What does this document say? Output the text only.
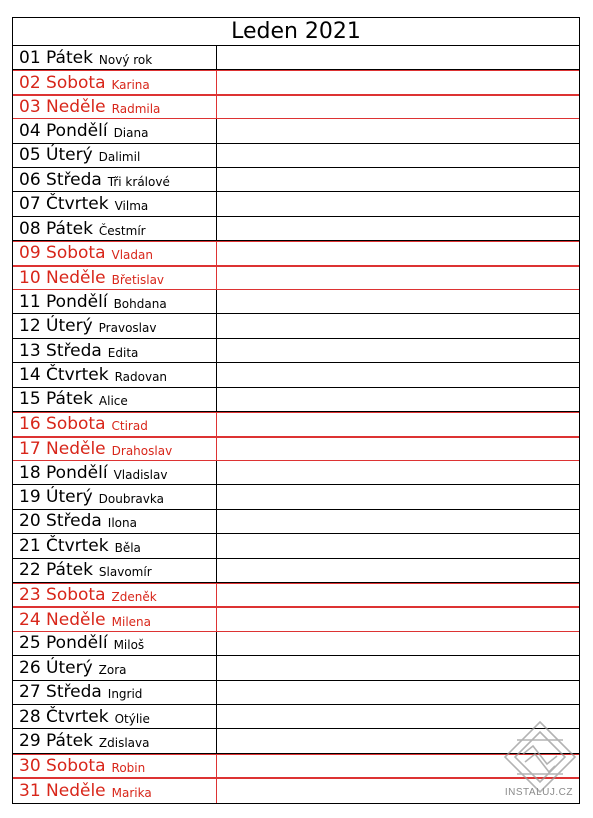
Leden 2021
01 Pátek Nový rok
02 Sobota Karina
03 Neděle Radmila
04 Pondělí Diana
05 Úterý Dalimil
06 Středa Tři králové
07 Čtvrtek Vilma
08 Pátek Čestmír
09 Sobota Vladan
10 Neděle Břetislav
11 Pondělí Bohdana
12 Úterý Pravoslav
13 Středa Edita
14 Čtvrtek Radovan
15 Pátek Alice
16 Sobota Ctirad
17 Neděle Drahoslav
18 Pondělí Vladislav
19 Úterý Doubravka
20 Středa Ilona
21 Čtvrtek Běla
22 Pátek Slavomír
23 Sobota Zdeněk
24 Neděle Milena
25 Pondělí Miloš
26 Úterý Zora
27 Středa Ingrid
28 Čtvrtek Otýlie
29 Pátek Zdislava
30 Sobota Robin
31 Neděle Marika	INSTALUJ.CZ
